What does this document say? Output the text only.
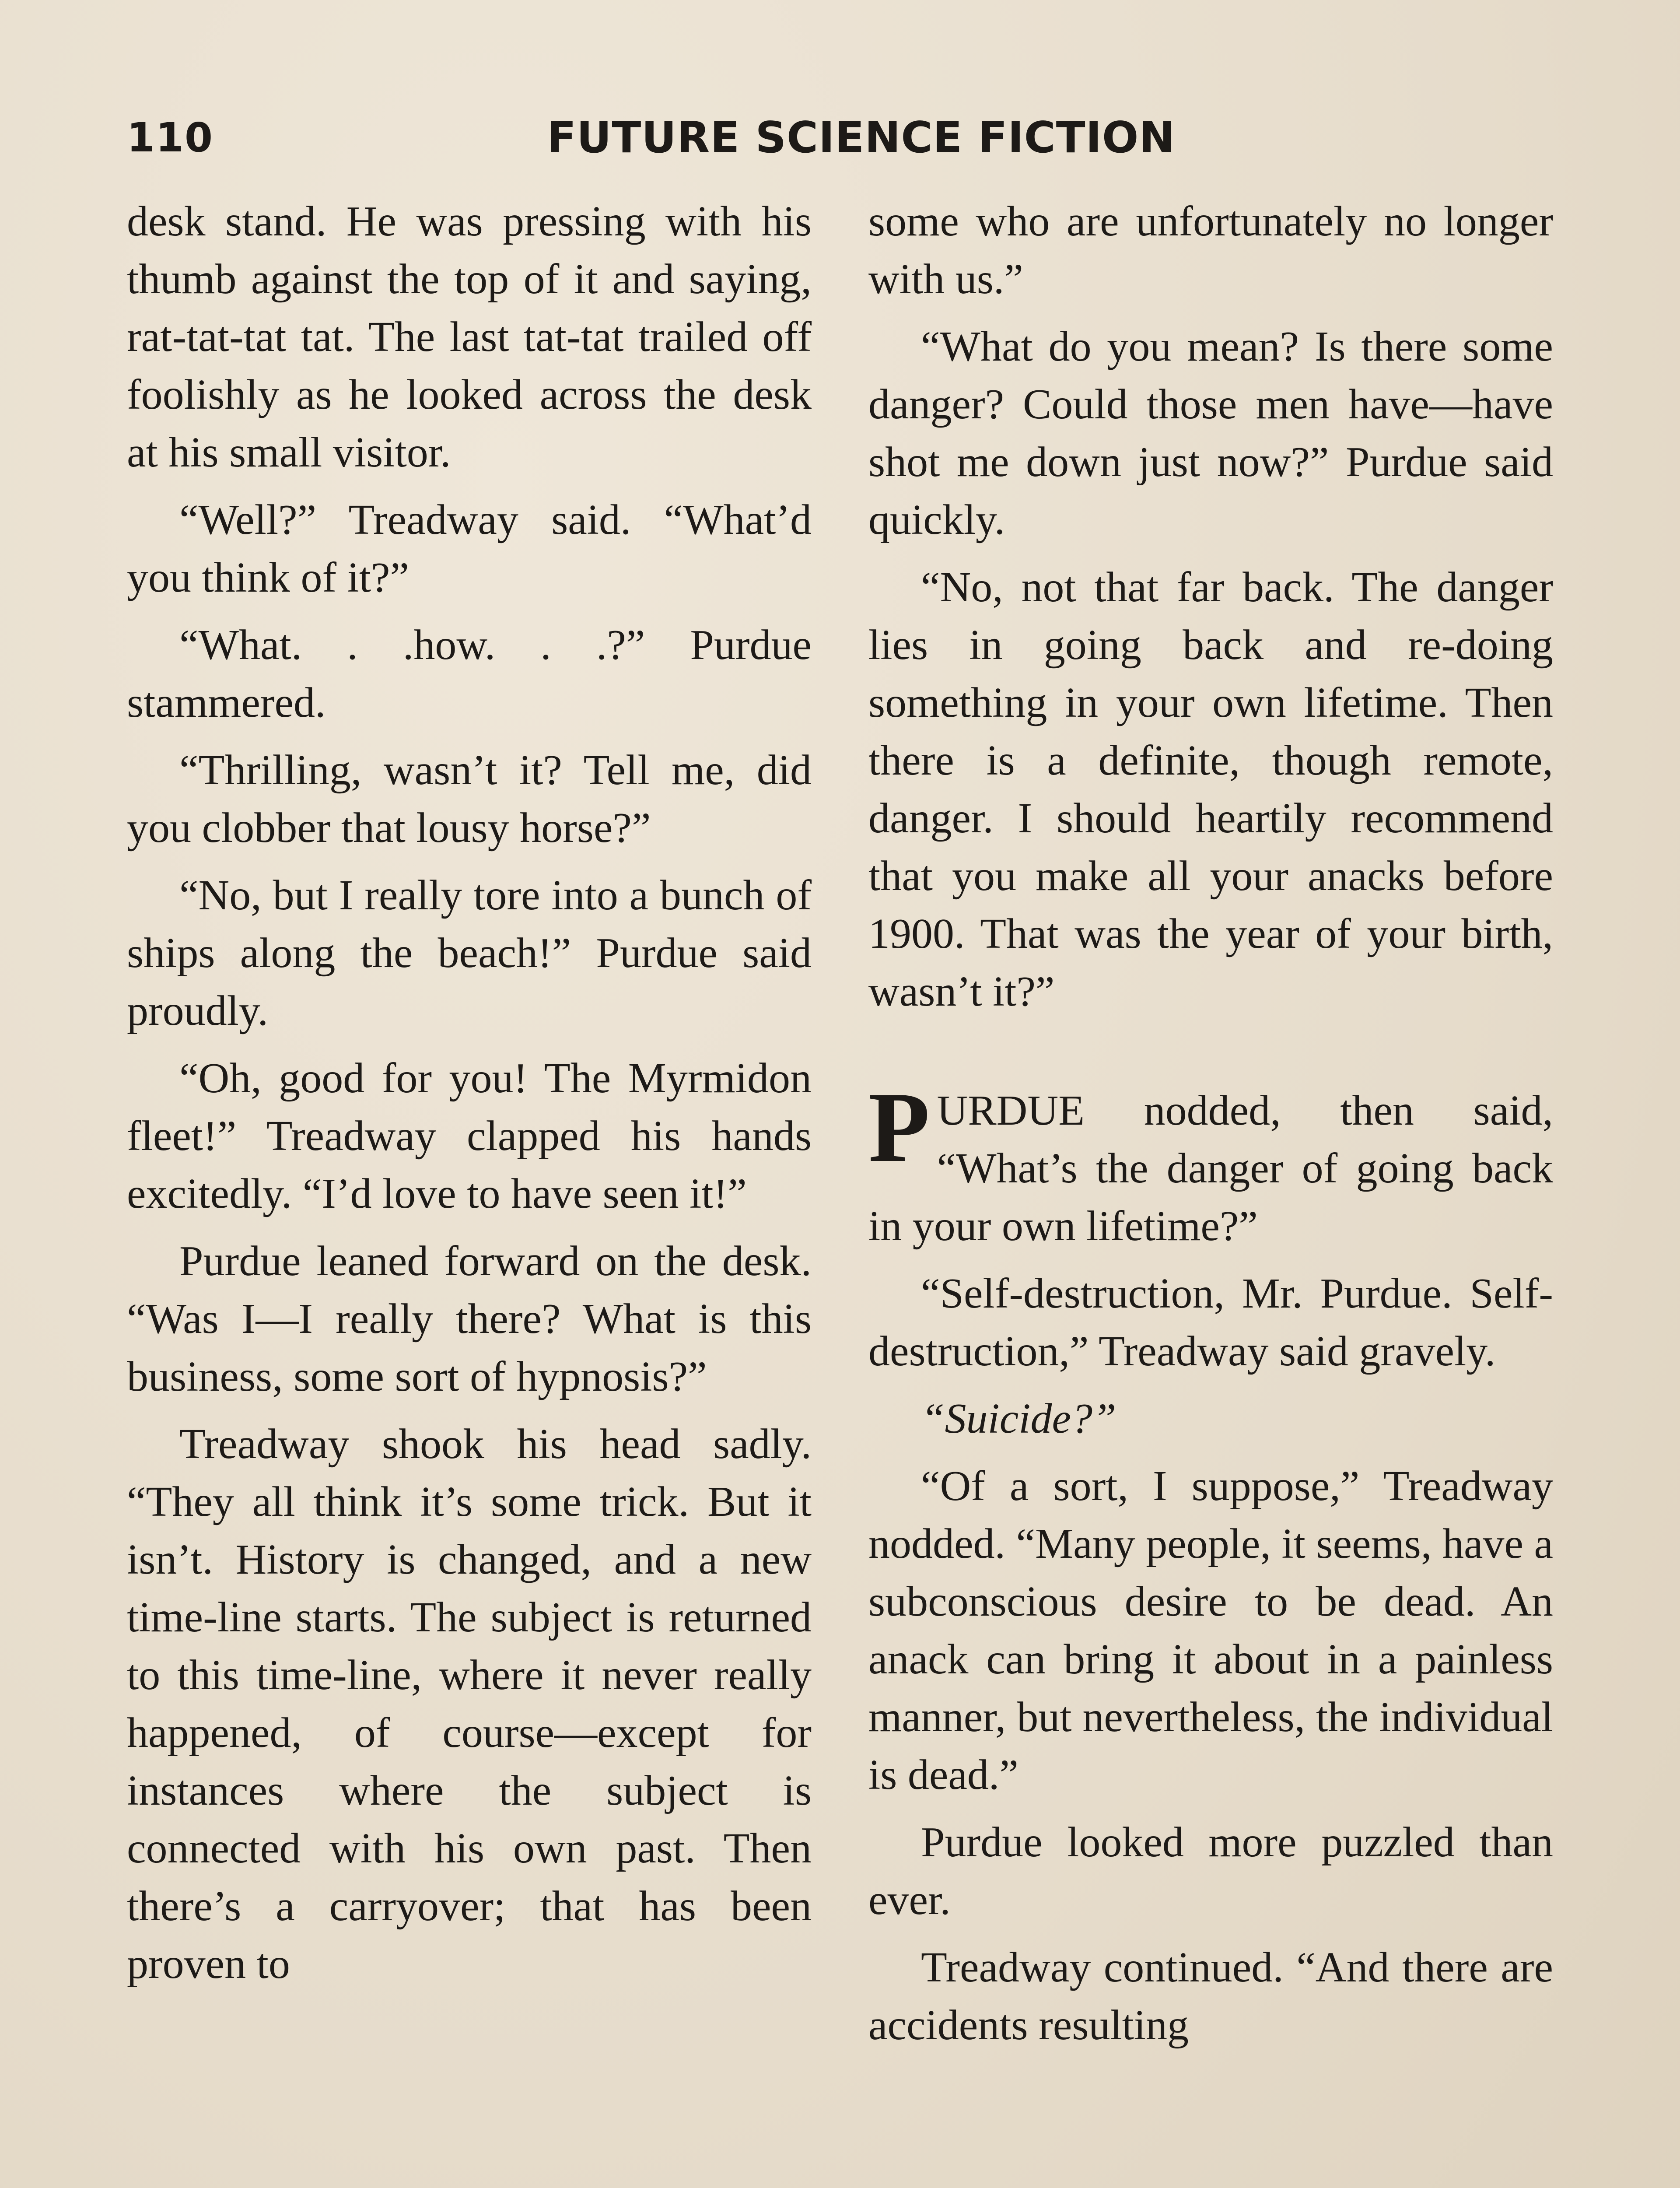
110	FUTURE SCIENCE FICTION

desk stand. He was pressing with his thumb against the top of it and saying, rat-tat-tat tat. The last tat-tat trailed off foolishly as he looked across the desk at his small visitor.

“Well?” Treadway said. “What’d you think of it?”

“What. . .how. . .?” Purdue stammered.

“Thrilling, wasn’t it? Tell me, did you clobber that lousy horse?”

“No, but I really tore into a bunch of ships along the beach!” Purdue said proudly.

“Oh, good for you! The Myrmidon fleet!” Treadway clapped his hands excitedly. “I’d love to have seen it!”

Purdue leaned forward on the desk. “Was I—I really there? What is this business, some sort of hypnosis?”

Treadway shook his head sadly. “They all think it’s some trick. But it isn’t. History is changed, and a new time-line starts. The subject is returned to this time-line, where it never really happened, of course—except for instances where the subject is connected with his own past. Then there’s a carryover; that has been proven to

some who are unfortunately no longer with us.”

“What do you mean? Is there some danger? Could those men have—have shot me down just now?” Purdue said quickly.

“No, not that far back. The danger lies in going back and re-doing something in your own lifetime. Then there is a definite, though remote, danger. I should heartily recommend that you make all your anacks before 1900. That was the year of your birth, wasn’t it?”

PURDUE nodded, then said, “What’s the danger of going back in your own lifetime?”

“Self-destruction, Mr. Purdue. Self-destruction,” Treadway said gravely.

“Suicide?”

“Of a sort, I suppose,” Treadway nodded. “Many people, it seems, have a subconscious desire to be dead. An anack can bring it about in a painless manner, but nevertheless, the individual is dead.”

Purdue looked more puzzled than ever.

Treadway continued. “And there are accidents resulting
